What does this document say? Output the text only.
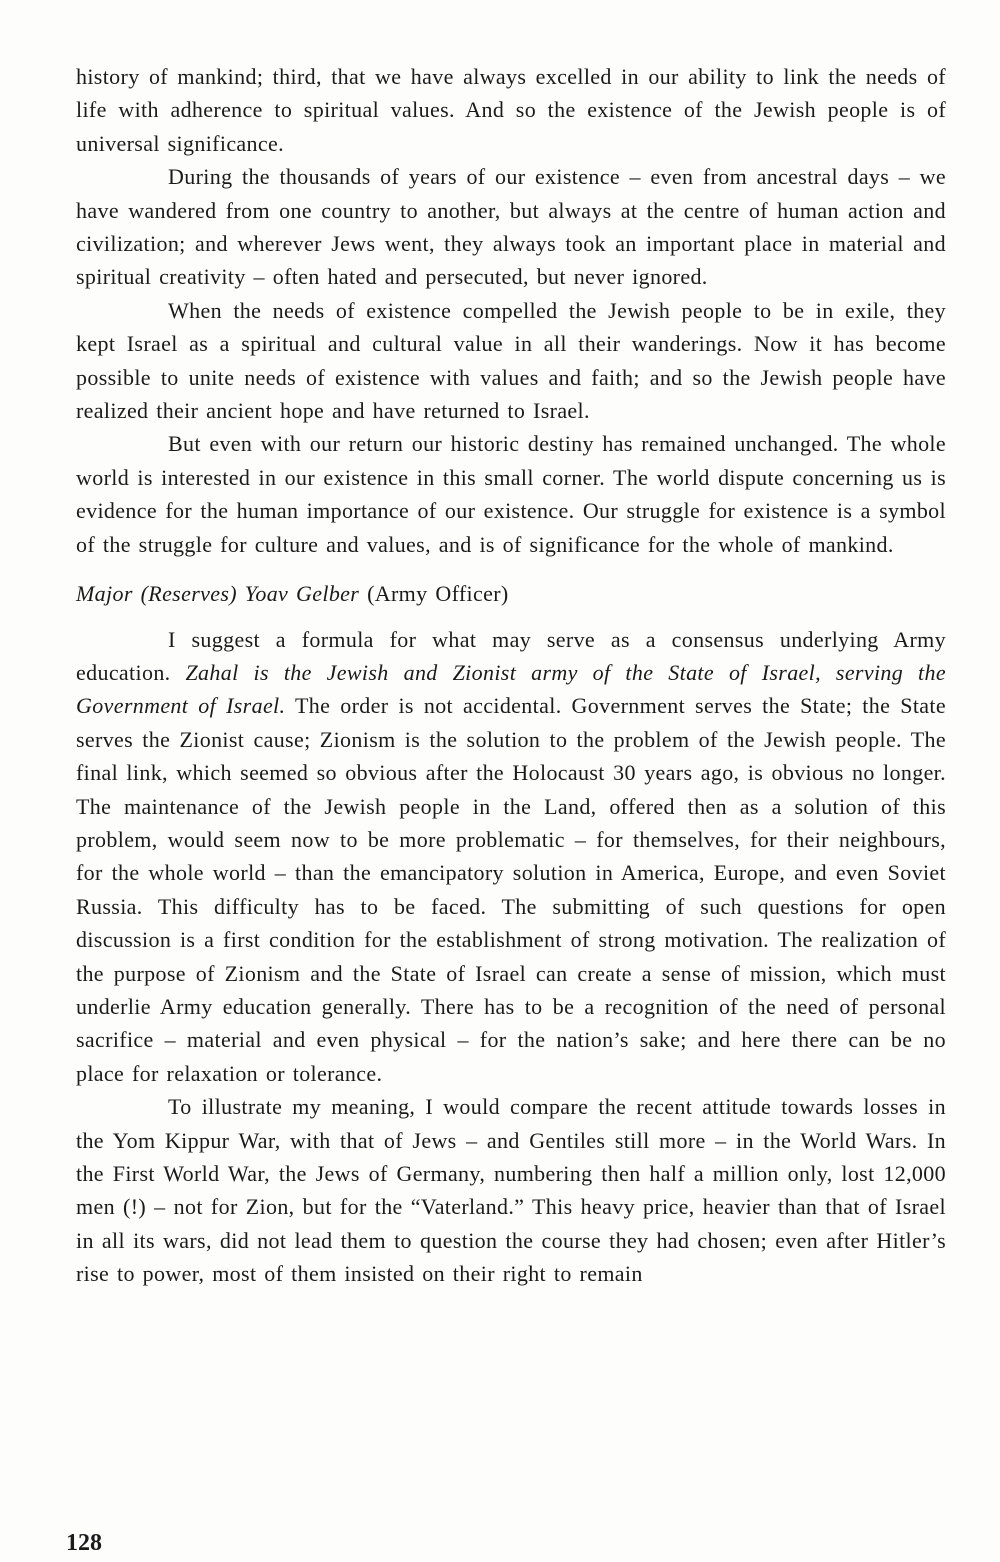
history of mankind; third, that we have always excelled in our ability to link the needs of life with adherence to spiritual values. And so the existence of the Jewish people is of universal significance.

During the thousands of years of our existence – even from ancestral days – we have wandered from one country to another, but always at the centre of human action and civilization; and wherever Jews went, they always took an important place in material and spiritual creativity – often hated and persecuted, but never ignored.

When the needs of existence compelled the Jewish people to be in exile, they kept Israel as a spiritual and cultural value in all their wanderings. Now it has become possible to unite needs of existence with values and faith; and so the Jewish people have realized their ancient hope and have returned to Israel.

But even with our return our historic destiny has remained unchanged. The whole world is interested in our existence in this small corner. The world dispute concerning us is evidence for the human importance of our existence. Our struggle for existence is a symbol of the struggle for culture and values, and is of significance for the whole of mankind.

Major (Reserves) Yoav Gelber (Army Officer)

I suggest a formula for what may serve as a consensus underlying Army education. Zahal is the Jewish and Zionist army of the State of Israel, serving the Government of Israel. The order is not accidental. Government serves the State; the State serves the Zionist cause; Zionism is the solution to the problem of the Jewish people. The final link, which seemed so obvious after the Holocaust 30 years ago, is obvious no longer. The maintenance of the Jewish people in the Land, offered then as a solution of this problem, would seem now to be more problematic – for themselves, for their neighbours, for the whole world – than the emancipatory solution in America, Europe, and even Soviet Russia. This difficulty has to be faced. The submitting of such questions for open discussion is a first condition for the establishment of strong motivation. The realization of the purpose of Zionism and the State of Israel can create a sense of mission, which must underlie Army education generally. There has to be a recognition of the need of personal sacrifice – material and even physical – for the nation’s sake; and here there can be no place for relaxation or tolerance.

To illustrate my meaning, I would compare the recent attitude towards losses in the Yom Kippur War, with that of Jews – and Gentiles still more – in the World Wars. In the First World War, the Jews of Germany, numbering then half a million only, lost 12,000 men (!) – not for Zion, but for the “Vaterland.” This heavy price, heavier than that of Israel in all its wars, did not lead them to question the course they had chosen; even after Hitler’s rise to power, most of them insisted on their right to remain

128
